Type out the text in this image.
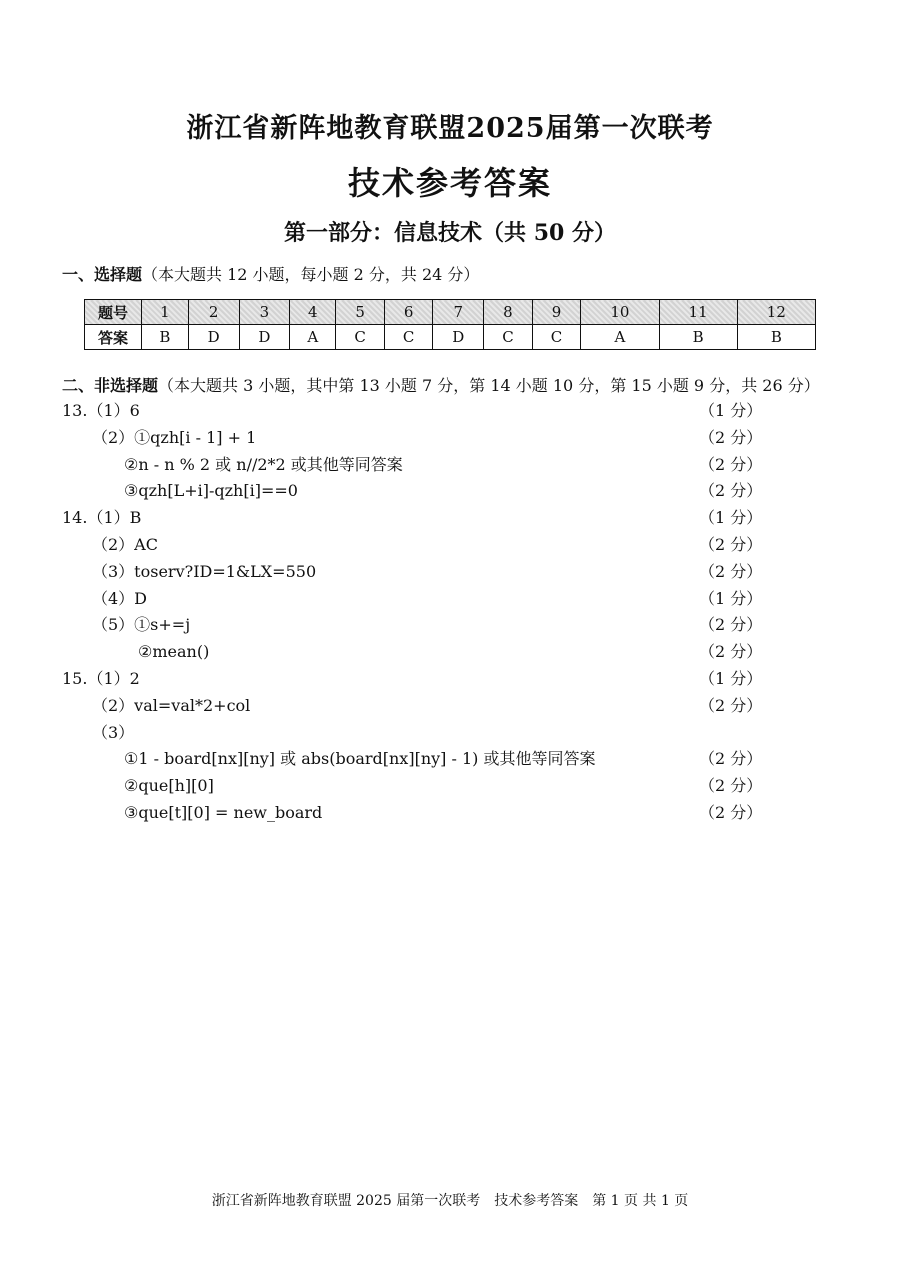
浙江省新阵地教育联盟2025届第一次联考
技术参考答案
第一部分：信息技术（共 50 分）
一、选择题（本大题共 12 小题，每小题 2 分，共 24 分）
题号	1	2	3	4	5	6	7	8	9	10	11	12
答案	B	D	D	A	C	C	D	C	C	A	B	B
二、非选择题（本大题共 3 小题，其中第 13 小题 7 分，第 14 小题 10 分，第 15 小题 9 分，共 26 分）
13.（1）6	（1 分）
（2）①qzh[i - 1] + 1	（2 分）
②n - n % 2 或 n//2*2 或其他等同答案	（2 分）
③qzh[L+i]-qzh[i]==0	（2 分）
14.（1）B	（1 分）
（2）AC	（2 分）
（3）toserv?ID=1&LX=550	（2 分）
（4）D	（1 分）
（5）①s+=j	（2 分）
②mean()	（2 分）
15.（1）2	（1 分）
（2）val=val*2+col	（2 分）
（3）
①1 - board[nx][ny] 或 abs(board[nx][ny] - 1) 或其他等同答案	（2 分）
②que[h][0]	（2 分）
③que[t][0] = new_board	（2 分）
浙江省新阵地教育联盟 2025 届第一次联考　技术参考答案　第 1 页 共 1 页
